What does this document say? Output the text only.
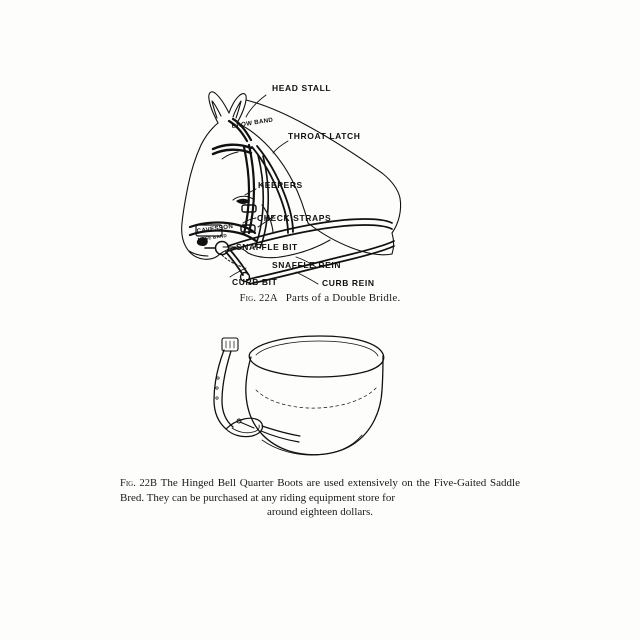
HEAD STALL
BROW BAND
THROAT LATCH
KEEPERS
CHECK STRAPS
CAVESSON
NOSE BAND
SNAFFLE BIT
SNAFFLE REIN
CURB BIT	CURB REIN
Fig. 22A Parts of a Double Bridle.
Fig. 22B The Hinged Bell Quarter Boots are used extensively on the Five-Gaited Saddle Bred. They can be purchased at any riding equipment store for
around eighteen dollars.
